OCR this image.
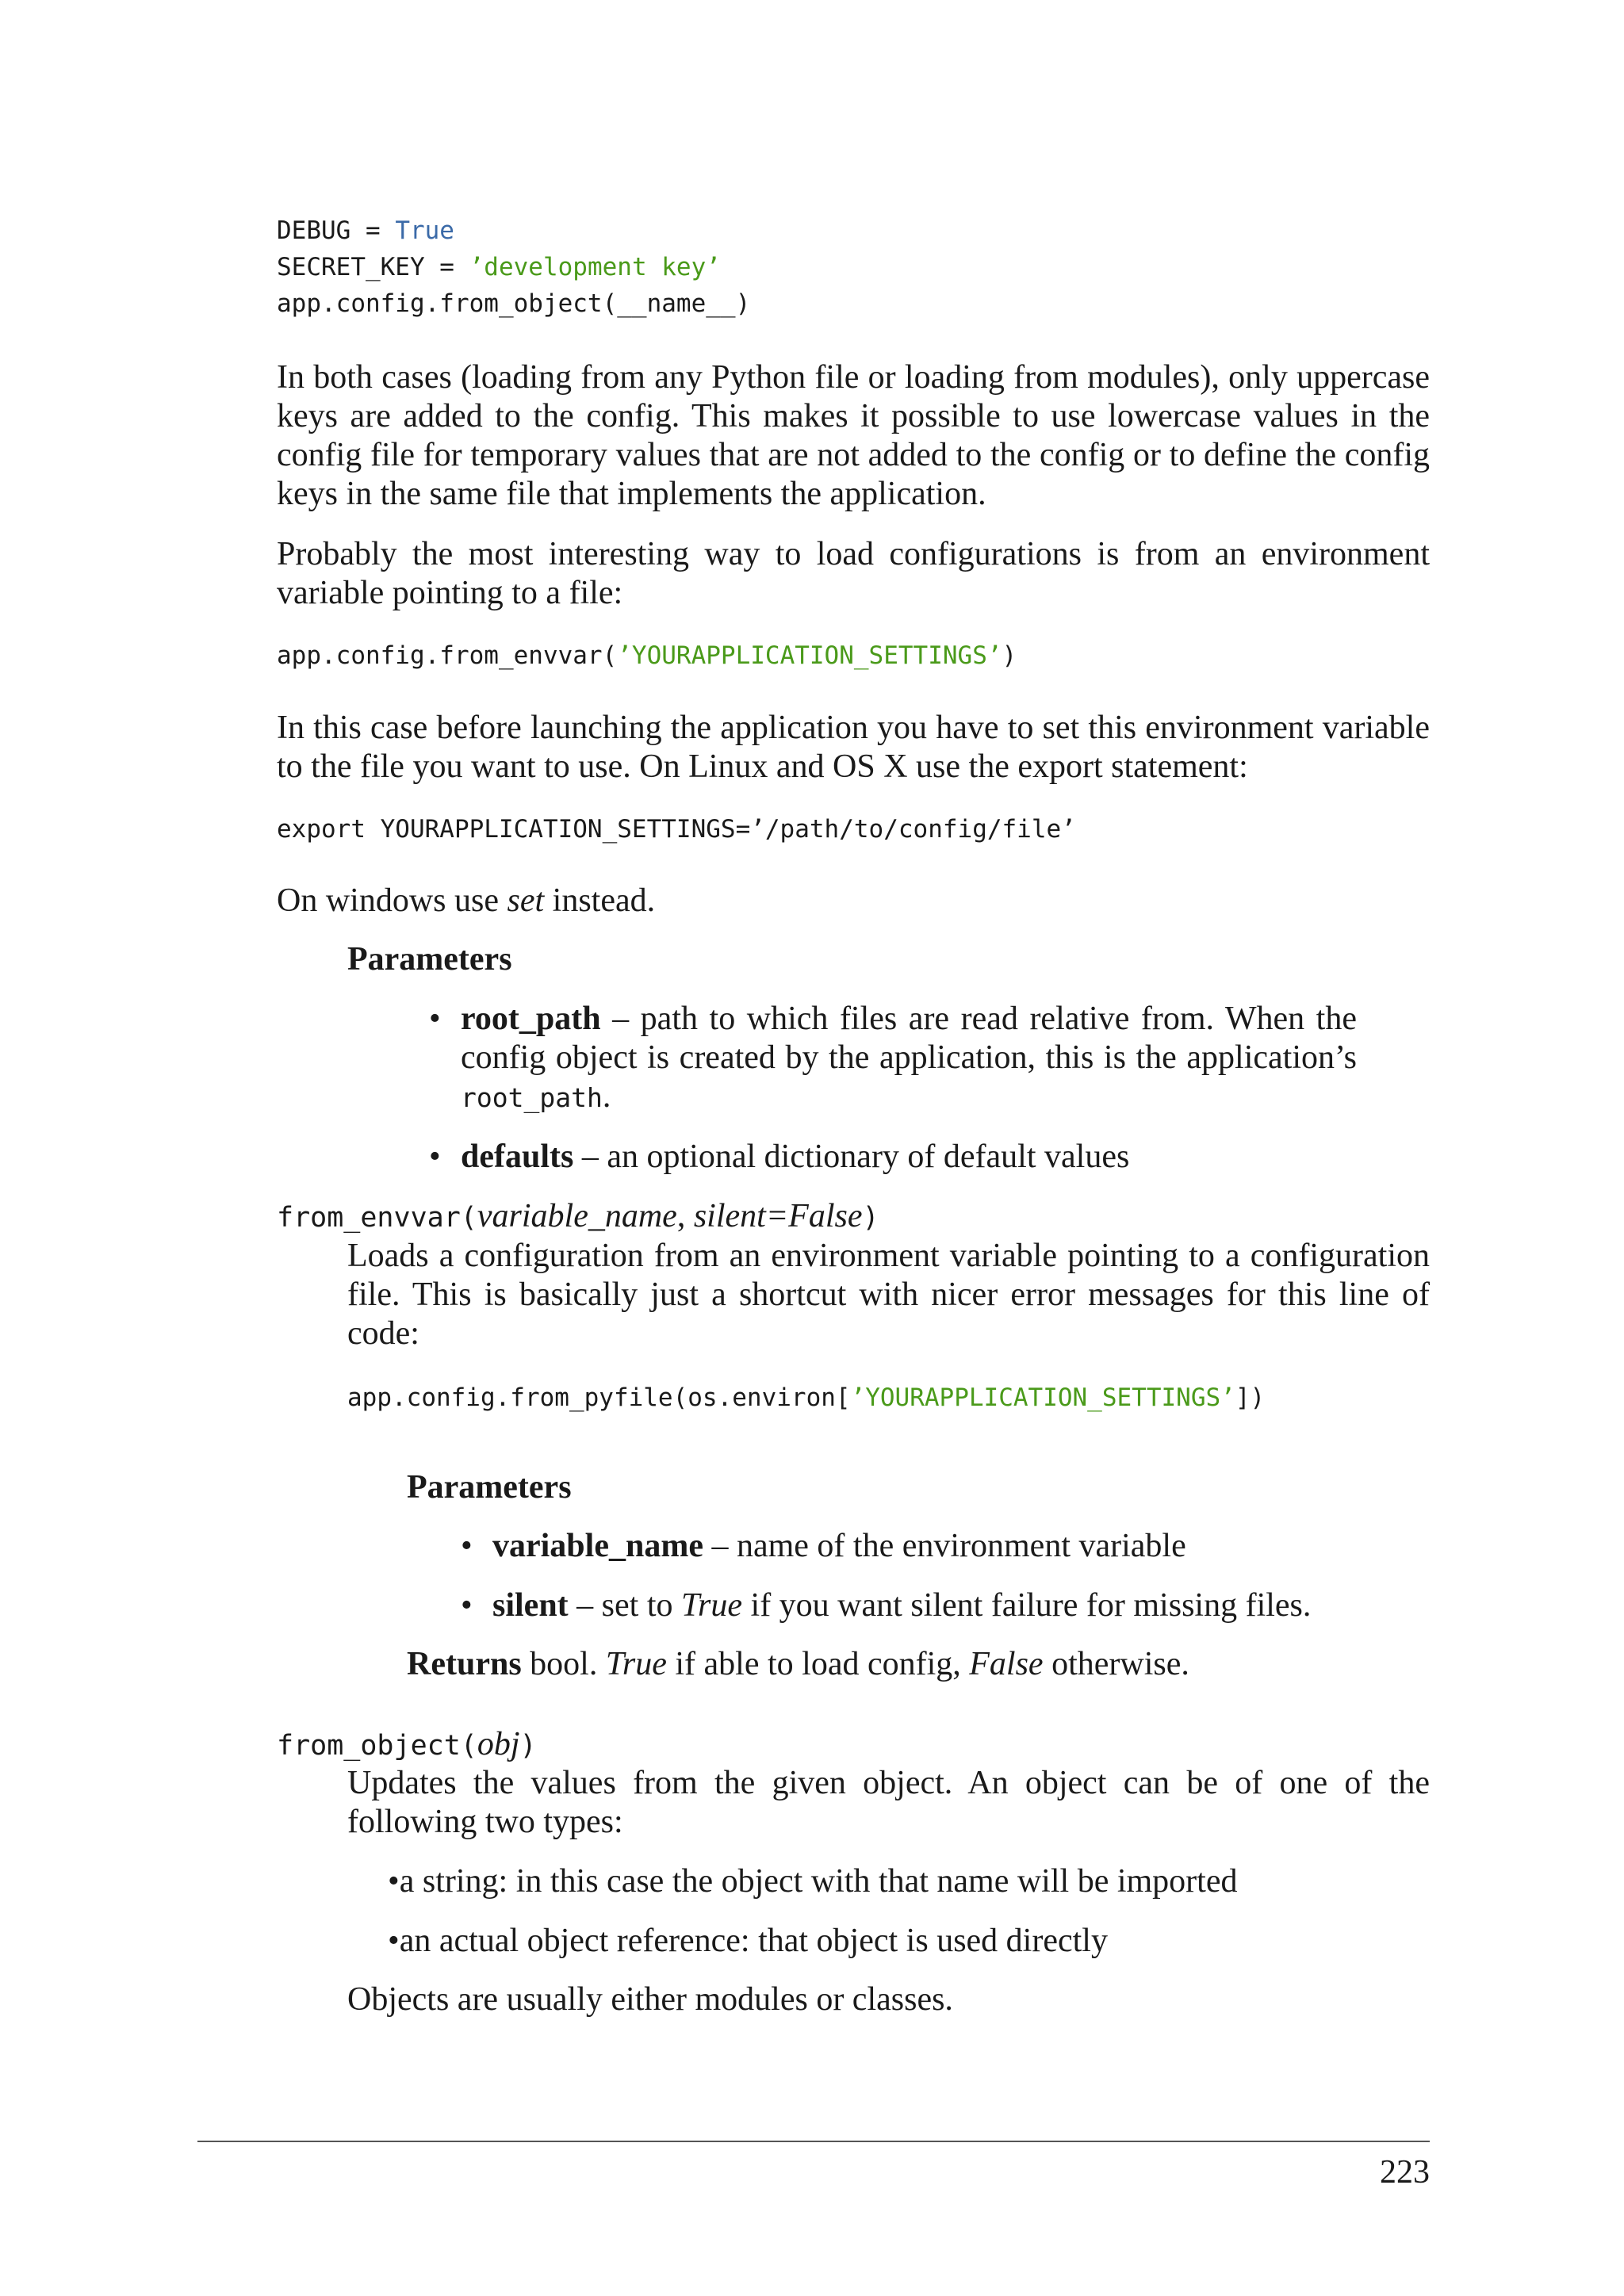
DEBUG = True
SECRET_KEY = ’development key’
app.config.from_object(__name__)

In both cases (loading from any Python file or loading from modules), only uppercase keys are added to the config. This makes it possible to use lowercase values in the config file for temporary values that are not added to the config or to define the config keys in the same file that implements the application.

Probably the most interesting way to load configurations is from an environment variable pointing to a file:

app.config.from_envvar(’YOURAPPLICATION_SETTINGS’)

In this case before launching the application you have to set this environment variable to the file you want to use. On Linux and OS X use the export statement:

export YOURAPPLICATION_SETTINGS=’/path/to/config/file’

On windows use set instead.

Parameters
• root_path – path to which files are read relative from. When the config object is created by the application, this is the application’s root_path.
• defaults – an optional dictionary of default values
from_envvar(variable_name, silent=False)

Loads a configuration from an environment variable pointing to a configuration file. This is basically just a shortcut with nicer error messages for this line of code:

app.config.from_pyfile(os.environ[’YOURAPPLICATION_SETTINGS’])
Parameters
• variable_name – name of the environment variable
• silent – set to True if you want silent failure for missing files.
Returns bool. True if able to load config, False otherwise.
from_object(obj)

Updates the values from the given object. An object can be of one of the following two types:

•a string: in this case the object with that name will be imported
•an actual object reference: that object is used directly
Objects are usually either modules or classes.
223
